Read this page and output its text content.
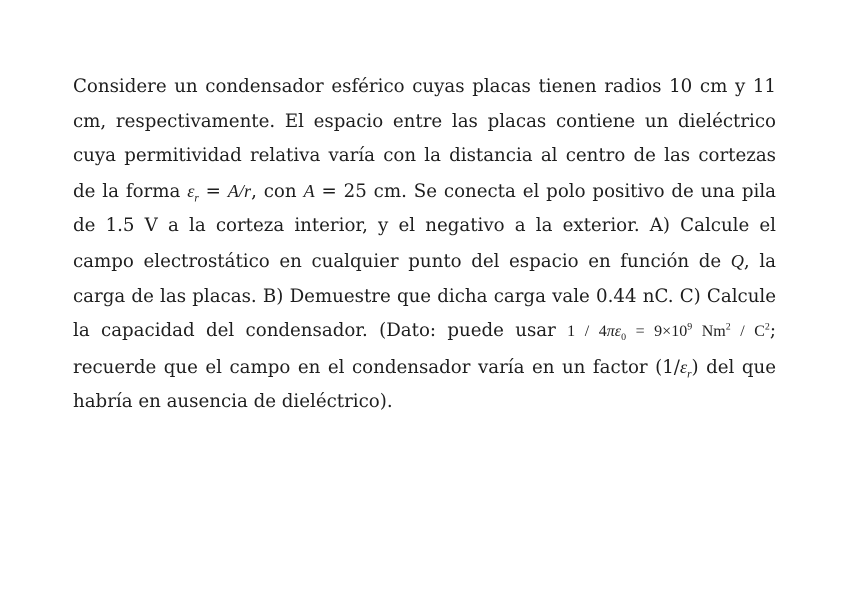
Considere un condensador esférico cuyas placas tienen radios 10 cm y 11 cm, respectivamente. El espacio entre las placas contiene un dieléctrico cuya permitividad relativa varía con la distancia al centro de las cortezas de la forma $\varepsilon_r = A/r$, con A = 25 cm. Se conecta el polo positivo de una pila de 1.5 V a la corteza interior, y el negativo a la exterior. A) Calcule el campo electrostático en cualquier punto del espacio en función de Q, la carga de las placas. B) Demuestre que dicha carga vale 0.44 nC. C) Calcule la capacidad del condensador. (Dato: puede usar $1 / 4\pi\varepsilon_0 = 9\times 10^9$ $Nm^2 / C^2$; recuerde que el campo en el condensador varía en un factor $(1/\varepsilon_r)$ del que habría en ausencia de dieléctrico).
